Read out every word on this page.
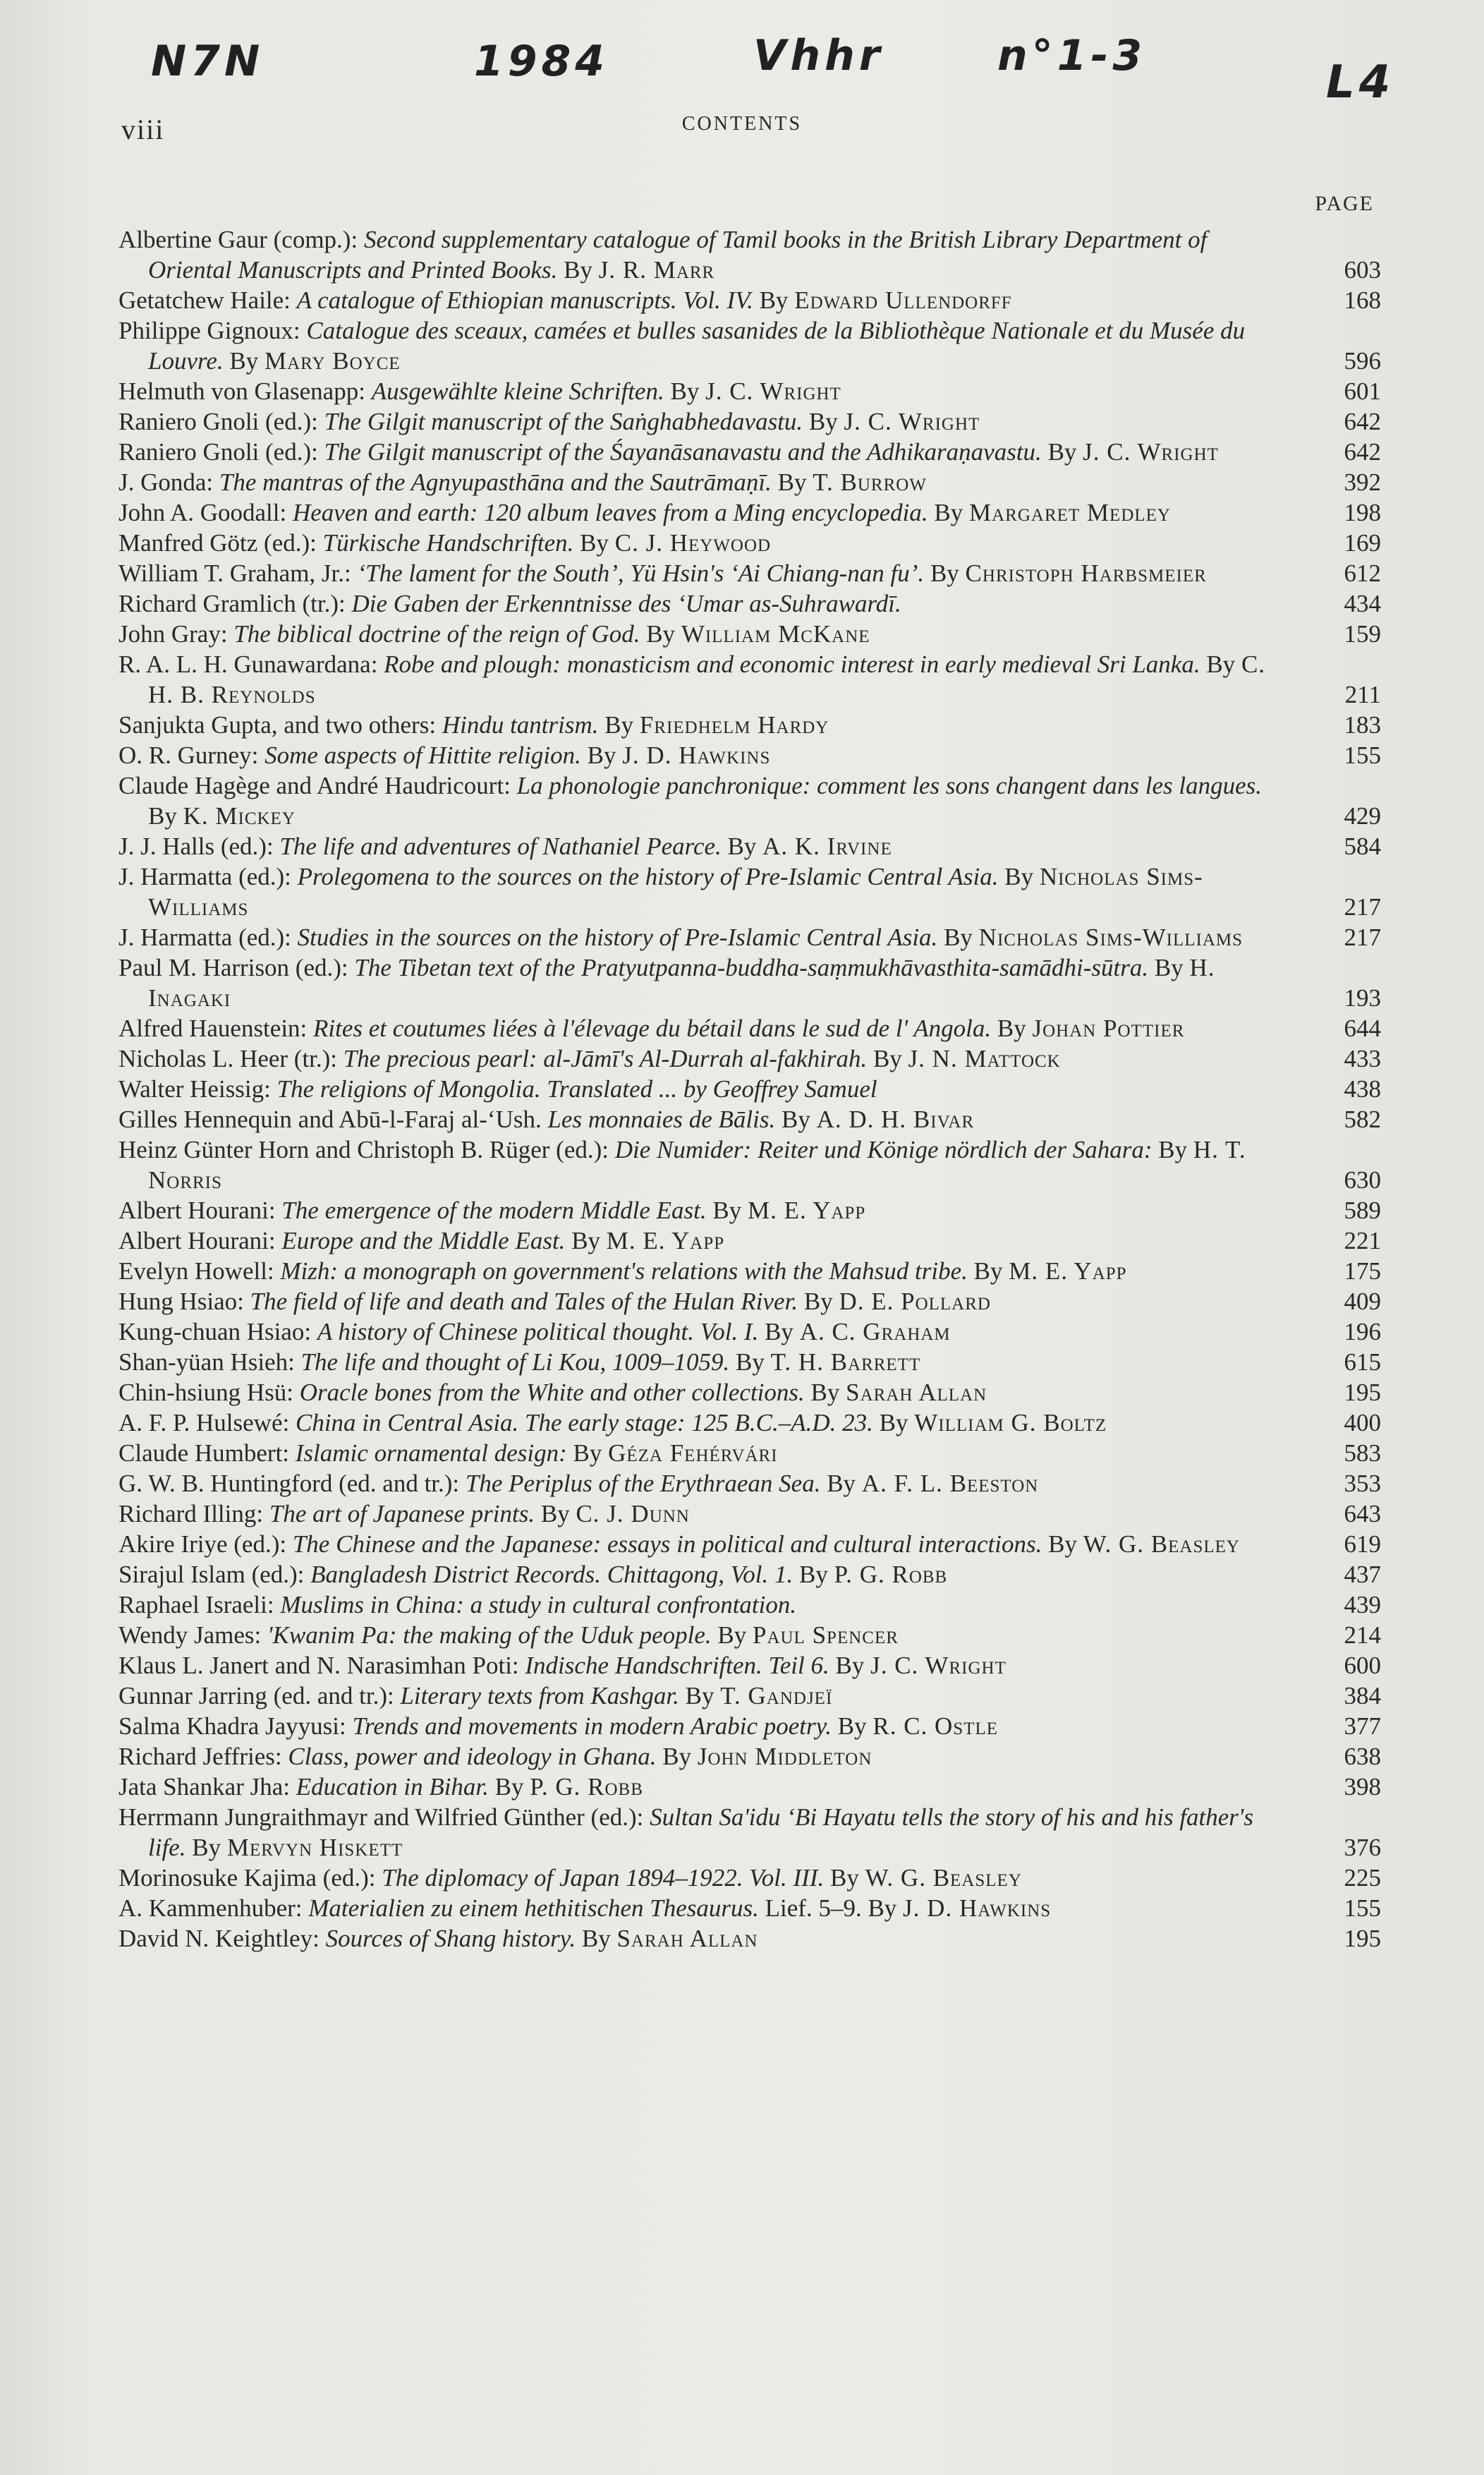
N7N	1984	Vhhr	n°1-3
L4
viii	CONTENTS
PAGE
Albertine Gaur (comp.): Second supplementary catalogue of Tamil books in the British Library Department of Oriental Manuscripts and Printed Books. By J. R. Marr	603
Getatchew Haile: A catalogue of Ethiopian manuscripts. Vol. IV. By Edward Ullendorff	168
Philippe Gignoux: Catalogue des sceaux, camées et bulles sasanides de la Bibliothèque Nationale et du Musée du Louvre. By Mary Boyce	596
Helmuth von Glasenapp: Ausgewählte kleine Schriften. By J. C. Wright	601
Raniero Gnoli (ed.): The Gilgit manuscript of the Saṅghabhedavastu. By J. C. Wright	642
Raniero Gnoli (ed.): The Gilgit manuscript of the Śayanāsanavastu and the Adhikaraṇavastu. By J. C. Wright	642
J. Gonda: The mantras of the Agnyupasthāna and the Sautrāmaṇī. By T. Burrow	392
John A. Goodall: Heaven and earth: 120 album leaves from a Ming encyclopedia. By Margaret Medley	198
Manfred Götz (ed.): Türkische Handschriften. By C. J. Heywood	169
William T. Graham, Jr.: ‘The lament for the South’, Yü Hsin's ‘Ai Chiang-nan fu’. By Christoph Harbsmeier	612
Richard Gramlich (tr.): Die Gaben der Erkenntnisse des ‘Umar as-Suhrawardī.	434
John Gray: The biblical doctrine of the reign of God. By William McKane	159
R. A. L. H. Gunawardana: Robe and plough: monasticism and economic interest in early medieval Sri Lanka. By C. H. B. Reynolds	211
Sanjukta Gupta, and two others: Hindu tantrism. By Friedhelm Hardy	183
O. R. Gurney: Some aspects of Hittite religion. By J. D. Hawkins	155
Claude Hagège and André Haudricourt: La phonologie panchronique: comment les sons changent dans les langues. By K. Mickey	429
J. J. Halls (ed.): The life and adventures of Nathaniel Pearce. By A. K. Irvine	584
J. Harmatta (ed.): Prolegomena to the sources on the history of Pre-Islamic Central Asia. By Nicholas Sims-Williams	217
J. Harmatta (ed.): Studies in the sources on the history of Pre-Islamic Central Asia. By Nicholas Sims-Williams	217
Paul M. Harrison (ed.): The Tibetan text of the Pratyutpanna-buddha-saṃmukhāvasthita-samādhi-sūtra. By H. Inagaki	193
Alfred Hauenstein: Rites et coutumes liées à l'élevage du bétail dans le sud de l' Angola. By Johan Pottier	644
Nicholas L. Heer (tr.): The precious pearl: al-Jāmī's Al-Durrah al-fakhirah. By J. N. Mattock	433
Walter Heissig: The religions of Mongolia. Translated ... by Geoffrey Samuel	438
Gilles Hennequin and Abū-l-Faraj al-‘Ush. Les monnaies de Bālis. By A. D. H. Bivar	582
Heinz Günter Horn and Christoph B. Rüger (ed.): Die Numider: Reiter und Könige nördlich der Sahara: By H. T. Norris	630
Albert Hourani: The emergence of the modern Middle East. By M. E. Yapp	589
Albert Hourani: Europe and the Middle East. By M. E. Yapp	221
Evelyn Howell: Mizh: a monograph on government's relations with the Mahsud tribe. By M. E. Yapp	175
Hung Hsiao: The field of life and death and Tales of the Hulan River. By D. E. Pollard	409
Kung-chuan Hsiao: A history of Chinese political thought. Vol. I. By A. C. Graham	196
Shan-yüan Hsieh: The life and thought of Li Kou, 1009–1059. By T. H. Barrett	615
Chin-hsiung Hsü: Oracle bones from the White and other collections. By Sarah Allan	195
A. F. P. Hulsewé: China in Central Asia. The early stage: 125 B.C.–A.D. 23. By William G. Boltz	400
Claude Humbert: Islamic ornamental design: By Géza Fehérvári	583
G. W. B. Huntingford (ed. and tr.): The Periplus of the Erythraean Sea. By A. F. L. Beeston	353
Richard Illing: The art of Japanese prints. By C. J. Dunn	643
Akire Iriye (ed.): The Chinese and the Japanese: essays in political and cultural interactions. By W. G. Beasley	619
Sirajul Islam (ed.): Bangladesh District Records. Chittagong, Vol. 1. By P. G. Robb	437
Raphael Israeli: Muslims in China: a study in cultural confrontation.	439
Wendy James: 'Kwanim Pa: the making of the Uduk people. By Paul Spencer	214
Klaus L. Janert and N. Narasimhan Poti: Indische Handschriften. Teil 6. By J. C. Wright	600
Gunnar Jarring (ed. and tr.): Literary texts from Kashgar. By T. Gandjeï	384
Salma Khadra Jayyusi: Trends and movements in modern Arabic poetry. By R. C. Ostle	377
Richard Jeffries: Class, power and ideology in Ghana. By John Middleton	638
Jata Shankar Jha: Education in Bihar. By P. G. Robb	398
Herrmann Jungraithmayr and Wilfried Günther (ed.): Sultan Sa'idu ‘Bi Hayatu tells the story of his and his father's life. By Mervyn Hiskett	376
Morinosuke Kajima (ed.): The diplomacy of Japan 1894–1922. Vol. III. By W. G. Beasley	225
A. Kammenhuber: Materialien zu einem hethitischen Thesaurus. Lief. 5–9. By J. D. Hawkins	155
David N. Keightley: Sources of Shang history. By Sarah Allan	195
